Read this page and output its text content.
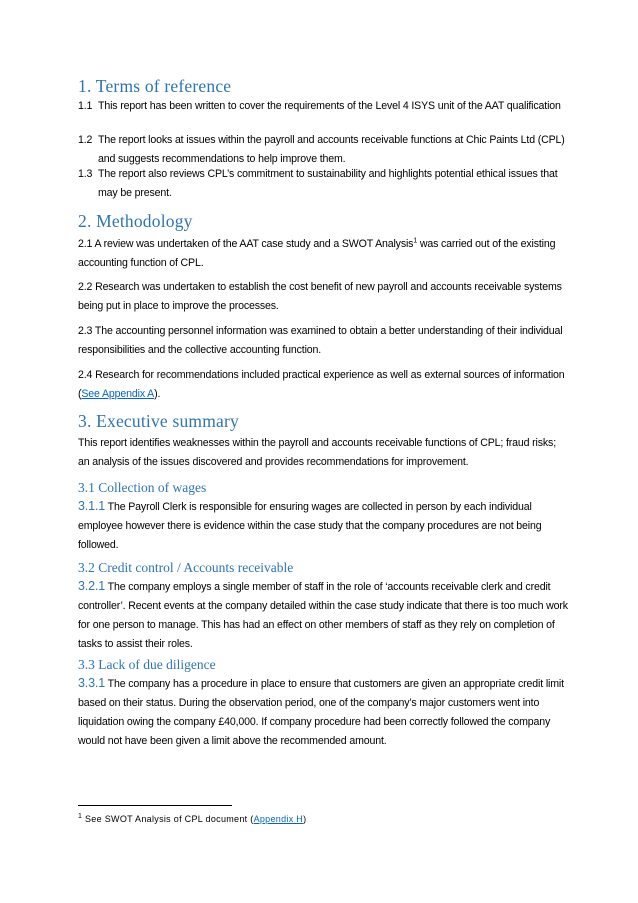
1. Terms of reference
1.1 This report has been written to cover the requirements of the Level 4 ISYS unit of the AAT qualification
1.2 The report looks at issues within the payroll and accounts receivable functions at Chic Paints Ltd (CPL) and suggests recommendations to help improve them.
1.3 The report also reviews CPL’s commitment to sustainability and highlights potential ethical issues that may be present.
2. Methodology
2.1 A review was undertaken of the AAT case study and a SWOT Analysis$^1$ was carried out of the existing accounting function of CPL.
2.2 Research was undertaken to establish the cost benefit of new payroll and accounts receivable systems being put in place to improve the processes.
2.3 The accounting personnel information was examined to obtain a better understanding of their individual responsibilities and the collective accounting function.
2.4 Research for recommendations included practical experience as well as external sources of information (See Appendix A).
3. Executive summary
This report identifies weaknesses within the payroll and accounts receivable functions of CPL; fraud risks; an analysis of the issues discovered and provides recommendations for improvement.
3.1 Collection of wages
3.1.1 The Payroll Clerk is responsible for ensuring wages are collected in person by each individual employee however there is evidence within the case study that the company procedures are not being followed.
3.2 Credit control / Accounts receivable
3.2.1 The company employs a single member of staff in the role of ‘accounts receivable clerk and credit controller’. Recent events at the company detailed within the case study indicate that there is too much work for one person to manage. This has had an effect on other members of staff as they rely on completion of tasks to assist their roles.
3.3 Lack of due diligence
3.3.1 The company has a procedure in place to ensure that customers are given an appropriate credit limit based on their status. During the observation period, one of the company’s major customers went into liquidation owing the company £40,000. If company procedure had been correctly followed the company would not have been given a limit above the recommended amount.
$^1$ See SWOT Analysis of CPL document (Appendix H)
